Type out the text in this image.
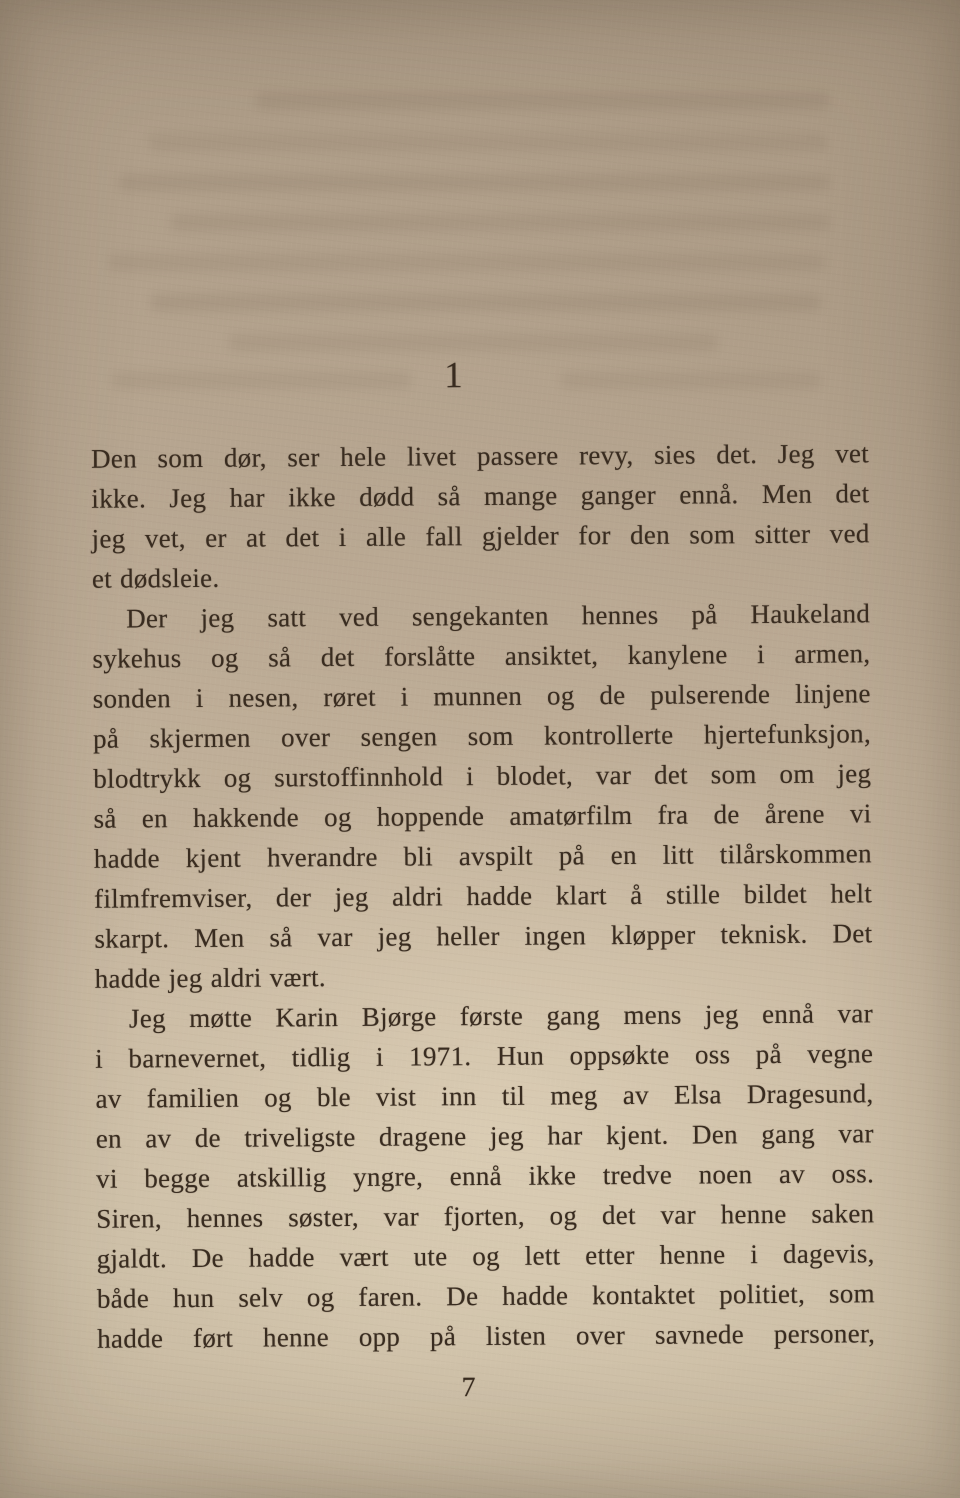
1
Den som dør, ser hele livet passere revy, sies det. Jeg vet
ikke. Jeg har ikke dødd så mange ganger ennå. Men det
jeg vet, er at det i alle fall gjelder for den som sitter ved
et dødsleie.
Der jeg satt ved sengekanten hennes på Haukeland
sykehus og så det forslåtte ansiktet, kanylene i armen,
sonden i nesen, røret i munnen og de pulserende linjene
på skjermen over sengen som kontrollerte hjertefunksjon,
blodtrykk og surstoffinnhold i blodet, var det som om jeg
så en hakkende og hoppende amatørfilm fra de årene vi
hadde kjent hverandre bli avspilt på en litt tilårskommen
filmfremviser, der jeg aldri hadde klart å stille bildet helt
skarpt. Men så var jeg heller ingen kløpper teknisk. Det
hadde jeg aldri vært.
Jeg møtte Karin Bjørge første gang mens jeg ennå var
i barnevernet, tidlig i 1971. Hun oppsøkte oss på vegne
av familien og ble vist inn til meg av Elsa Dragesund,
en av de triveligste dragene jeg har kjent. Den gang var
vi begge atskillig yngre, ennå ikke tredve noen av oss.
Siren, hennes søster, var fjorten, og det var henne saken
gjaldt. De hadde vært ute og lett etter henne i dagevis,
både hun selv og faren. De hadde kontaktet politiet, som
hadde ført henne opp på listen over savnede personer,
7
